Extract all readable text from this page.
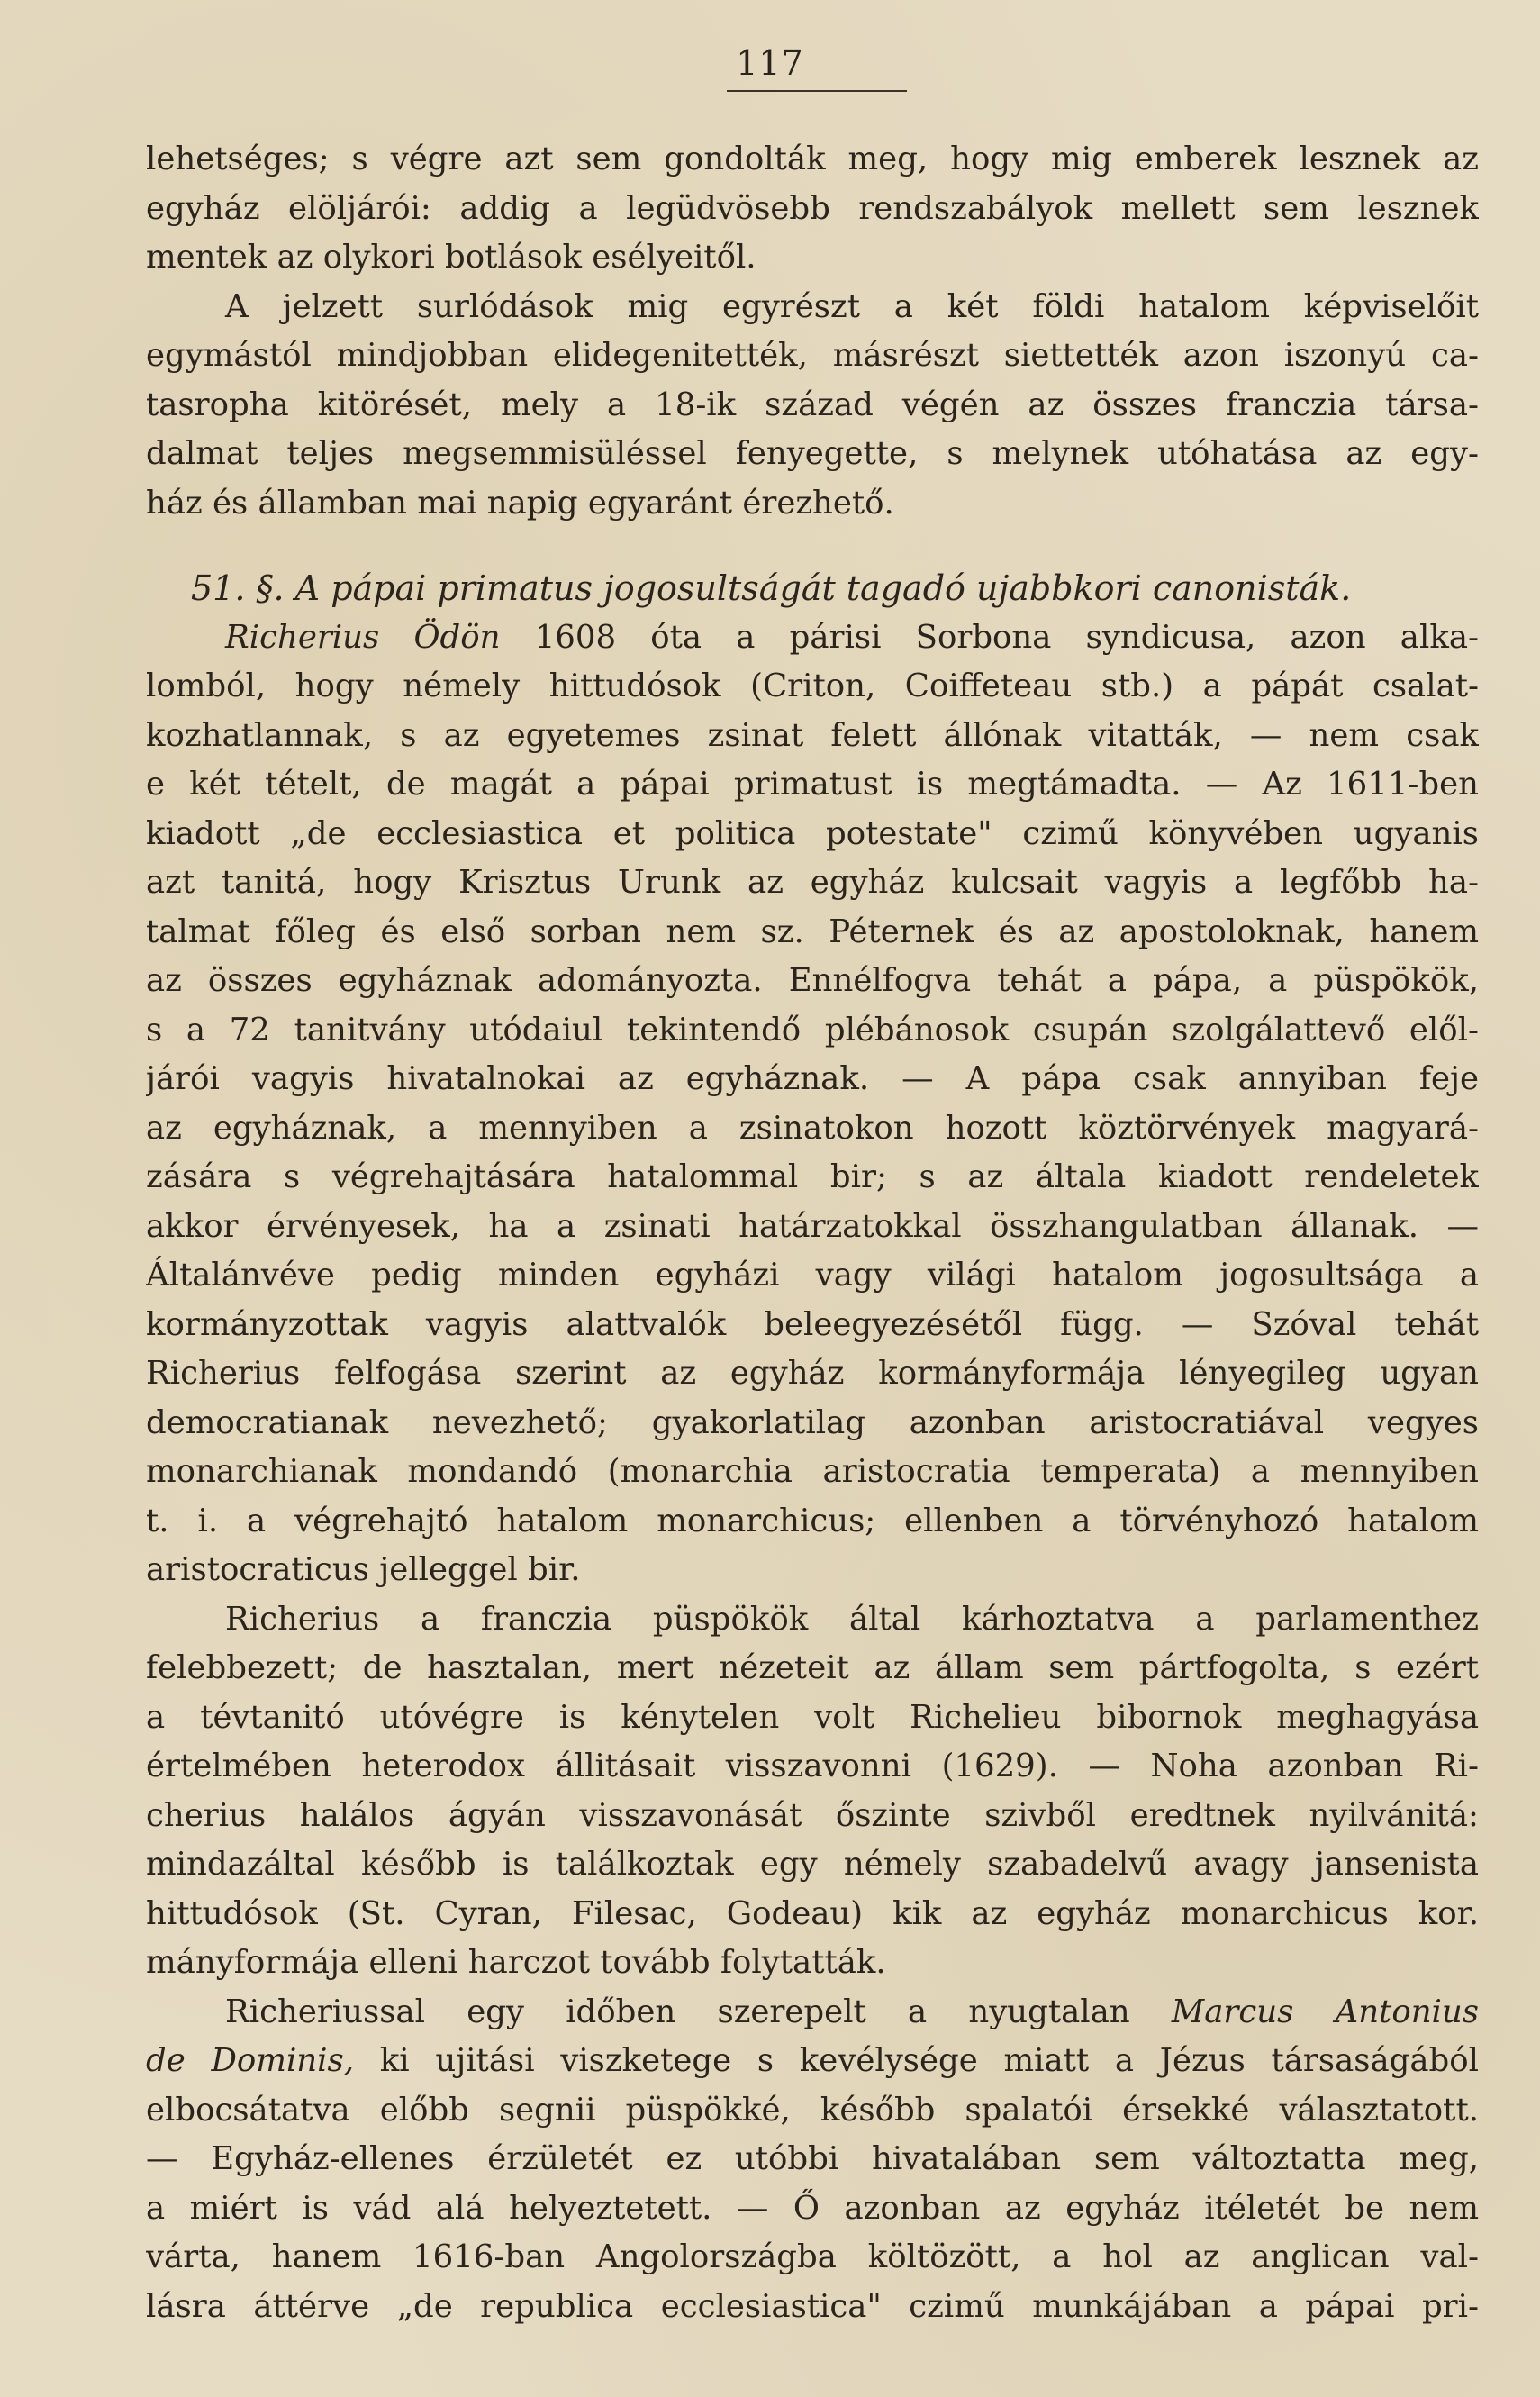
117
lehetséges; s végre azt sem gondolták meg, hogy mig emberek lesznek az
egyház elöljárói: addig a legüdvösebb rendszabályok mellett sem lesznek
mentek az olykori botlások esélyeitől.
A jelzett surlódások mig egyrészt a két földi hatalom képviselőit
egymástól mindjobban elidegenitették, másrészt siettették azon iszonyú ca-
tasropha kitörését, mely a 18-ik század végén az összes franczia társa-
dalmat teljes megsemmisüléssel fenyegette, s melynek utóhatása az egy-
ház és államban mai napig egyaránt érezhető.
51. §. A pápai primatus jogosultságát tagadó ujabbkori canonisták.
Richerius Ödön 1608 óta a párisi Sorbona syndicusa, azon alka-
lomból, hogy némely hittudósok (Criton, Coiffeteau stb.) a pápát csalat-
kozhatlannak, s az egyetemes zsinat felett állónak vitatták, — nem csak
e két tételt, de magát a pápai primatust is megtámadta. — Az 1611-ben
kiadott „de ecclesiastica et politica potestate" czimű könyvében ugyanis
azt tanitá, hogy Krisztus Urunk az egyház kulcsait vagyis a legfőbb ha-
talmat főleg és első sorban nem sz. Péternek és az apostoloknak, hanem
az összes egyháznak adományozta. Ennélfogva tehát a pápa, a püspökök,
s a 72 tanitvány utódaiul tekintendő plébánosok csupán szolgálattevő elől-
járói vagyis hivatalnokai az egyháznak. — A pápa csak annyiban feje
az egyháznak, a mennyiben a zsinatokon hozott köztörvények magyará-
zására s végrehajtására hatalommal bir; s az általa kiadott rendeletek
akkor érvényesek, ha a zsinati határzatokkal összhangulatban állanak. —
Általánvéve pedig minden egyházi vagy világi hatalom jogosultsága a
kormányzottak vagyis alattvalók beleegyezésétől függ. — Szóval tehát
Richerius felfogása szerint az egyház kormányformája lényegileg ugyan
democratianak nevezhető; gyakorlatilag azonban aristocratiával vegyes
monarchianak mondandó (monarchia aristocratia temperata) a mennyiben
t. i. a végrehajtó hatalom monarchicus; ellenben a törvényhozó hatalom
aristocraticus jelleggel bir.
Richerius a franczia püspökök által kárhoztatva a parlamenthez
felebbezett; de hasztalan, mert nézeteit az állam sem pártfogolta, s ezért
a tévtanitó utóvégre is kénytelen volt Richelieu bibornok meghagyása
értelmében heterodox állitásait visszavonni (1629). — Noha azonban Ri-
cherius halálos ágyán visszavonását őszinte szivből eredtnek nyilvánitá:
mindazáltal később is találkoztak egy némely szabadelvű avagy jansenista
hittudósok (St. Cyran, Filesac, Godeau) kik az egyház monarchicus kor.
mányformája elleni harczot tovább folytatták.
Richeriussal egy időben szerepelt a nyugtalan Marcus Antonius
de Dominis, ki ujitási viszketege s kevélysége miatt a Jézus társaságából
elbocsátatva előbb segnii püspökké, később spalatói érsekké választatott.
— Egyház-ellenes érzületét ez utóbbi hivatalában sem változtatta meg,
a miért is vád alá helyeztetett. — Ő azonban az egyház itéletét be nem
várta, hanem 1616-ban Angolországba költözött, a hol az anglican val-
lásra áttérve „de republica ecclesiastica" czimű munkájában a pápai pri-
